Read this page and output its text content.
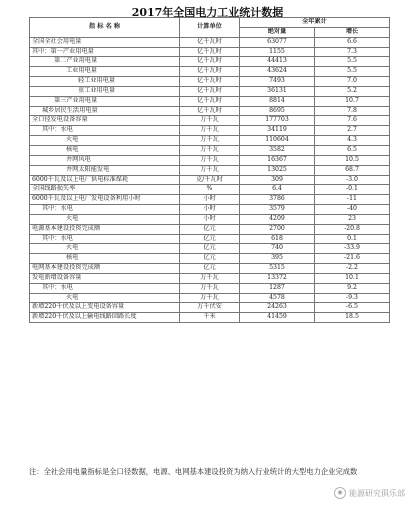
2017年全国电力工业统计数据
指 标 名 称	计算单位	全年累计	
		绝对量	增长
全国全社会用电量	亿千瓦时	63077	6.6
其中：第一产业用电量	亿千瓦时	1155	7.3
第二产业用电量	亿千瓦时	44413	5.5
工业用电量	亿千瓦时	43624	5.5
轻工业用电量	亿千瓦时	7493	7.0
重工业用电量	亿千瓦时	36131	5.2
第三产业用电量	亿千瓦时	8814	10.7
城乡居民生活用电量	亿千瓦时	8695	7.8
全口径发电设备容量	万千瓦	177703	7.6
其中：水电	万千瓦	34119	2.7
火电	万千瓦	110604	4.3
核电	万千瓦	3582	6.5
并网风电	万千瓦	16367	10.5
并网太阳能发电	万千瓦	13025	68.7
6000千瓦及以上电厂供电标准煤耗	克/千瓦时	309	-3.0
全国线路损失率	%	6.4	-0.1
6000千瓦及以上电厂发电设备利用小时	小时	3786	-11
其中：水电	小时	3579	-40
火电	小时	4209	23
电源基本建设投资完成额	亿元	2700	-20.8
其中：水电	亿元	618	0.1
火电	亿元	740	-33.9
核电	亿元	395	-21.6
电网基本建设投资完成额	亿元	5315	-2.2
发电新增设备容量	万千瓦	13372	10.1
其中：水电	万千瓦	1287	9.2
火电	万千瓦	4578	-9.3
新增220千伏及以上变电设备容量	万千伏安	24263	-6.5
新增220千伏及以上输电线路回路长度	千米	41459	18.5
注：全社会用电量指标是全口径数据，电源、电网基本建设投资为纳入行业统计的大型电力企业完成数
◉ 能源研究俱乐部
